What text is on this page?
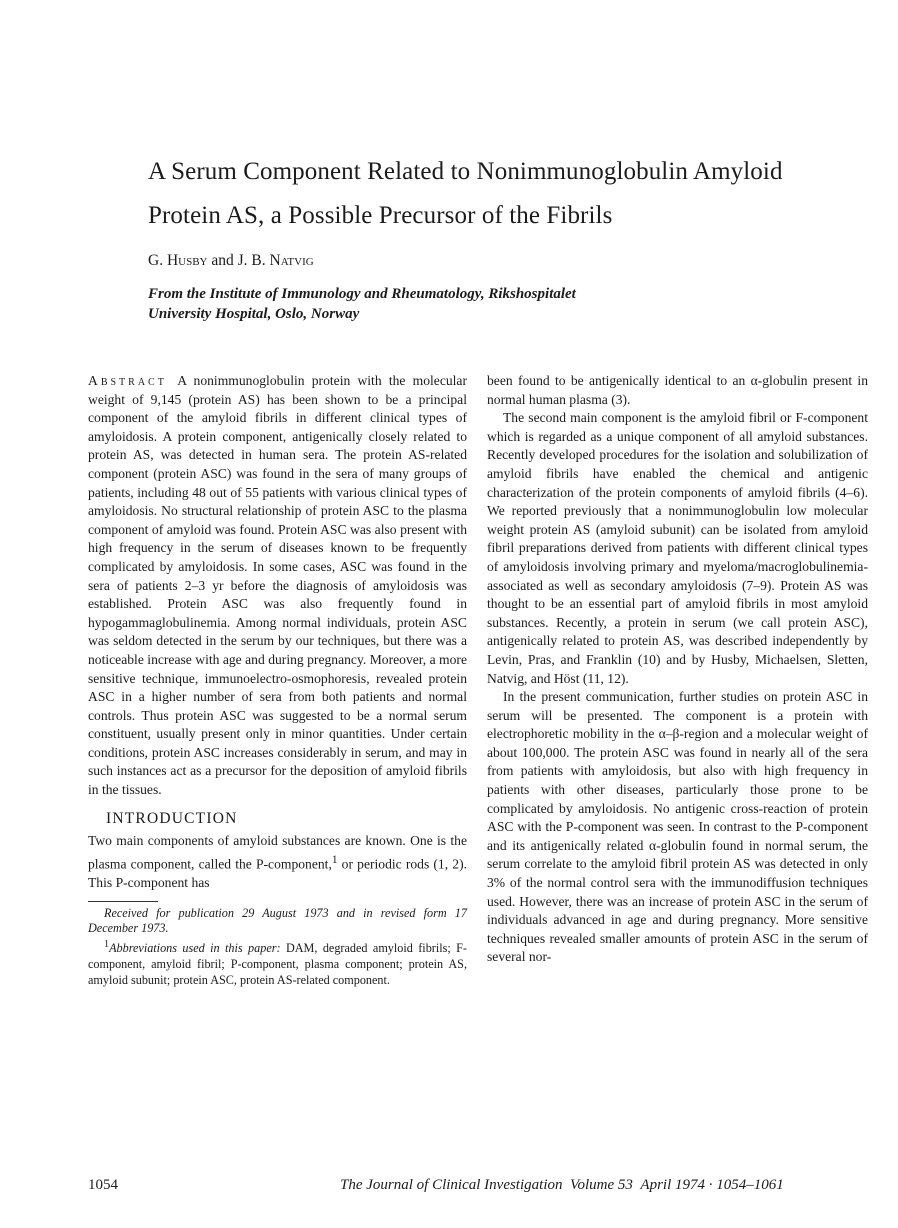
A Serum Component Related to Nonimmunoglobulin Amyloid
Protein AS, a Possible Precursor of the Fibrils

G. Husby and J. B. Natvig

From the Institute of Immunology and Rheumatology, Rikshospitalet
University Hospital, Oslo, Norway

Abstract A nonimmunoglobulin protein with the molecular weight of 9,145 (protein AS) has been shown to be a principal component of the amyloid fibrils in different clinical types of amyloidosis. A protein component, antigenically closely related to protein AS, was detected in human sera. The protein AS-related component (protein ASC) was found in the sera of many groups of patients, including 48 out of 55 patients with various clinical types of amyloidosis. No structural relationship of protein ASC to the plasma component of amyloid was found. Protein ASC was also present with high frequency in the serum of diseases known to be frequently complicated by amyloidosis. In some cases, ASC was found in the sera of patients 2–3 yr before the diagnosis of amyloidosis was established. Protein ASC was also frequently found in hypogammaglobulinemia. Among normal individuals, protein ASC was seldom detected in the serum by our techniques, but there was a noticeable increase with age and during pregnancy. Moreover, a more sensitive technique, immunoelectro-osmophoresis, revealed protein ASC in a higher number of sera from both patients and normal controls. Thus protein ASC was suggested to be a normal serum constituent, usually present only in minor quantities. Under certain conditions, protein ASC increases considerably in serum, and may in such instances act as a precursor for the deposition of amyloid fibrils in the tissues.

INTRODUCTION

Two main components of amyloid substances are known. One is the plasma component, called the P-component,$^1$ or periodic rods (1, 2). This P-component has

Received for publication 29 August 1973 and in revised form 17 December 1973.

$^1$Abbreviations used in this paper: DAM, degraded amyloid fibrils; F-component, amyloid fibril; P-component, plasma component; protein AS, amyloid subunit; protein ASC, protein AS-related component.

been found to be antigenically identical to an α-globulin present in normal human plasma (3).

The second main component is the amyloid fibril or F-component which is regarded as a unique component of all amyloid substances. Recently developed procedures for the isolation and solubilization of amyloid fibrils have enabled the chemical and antigenic characterization of the protein components of amyloid fibrils (4–6). We reported previously that a nonimmunoglobulin low molecular weight protein AS (amyloid subunit) can be isolated from amyloid fibril preparations derived from patients with different clinical types of amyloidosis involving primary and myeloma/macroglobulinemia-associated as well as secondary amyloidosis (7–9). Protein AS was thought to be an essential part of amyloid fibrils in most amyloid substances. Recently, a protein in serum (we call protein ASC), antigenically related to protein AS, was described independently by Levin, Pras, and Franklin (10) and by Husby, Michaelsen, Sletten, Natvig, and Höst (11, 12).

In the present communication, further studies on protein ASC in serum will be presented. The component is a protein with electrophoretic mobility in the α–β-region and a molecular weight of about 100,000. The protein ASC was found in nearly all of the sera from patients with amyloidosis, but also with high frequency in patients with other diseases, particularly those prone to be complicated by amyloidosis. No antigenic cross-reaction of protein ASC with the P-component was seen. In contrast to the P-component and its antigenically related α-globulin found in normal serum, the serum correlate to the amyloid fibril protein AS was detected in only 3% of the normal control sera with the immunodiffusion techniques used. However, there was an increase of protein ASC in the serum of individuals advanced in age and during pregnancy. More sensitive techniques revealed smaller amounts of protein ASC in the serum of several nor-

1054	The Journal of Clinical Investigation Volume 53 April 1974 · 1054–1061
